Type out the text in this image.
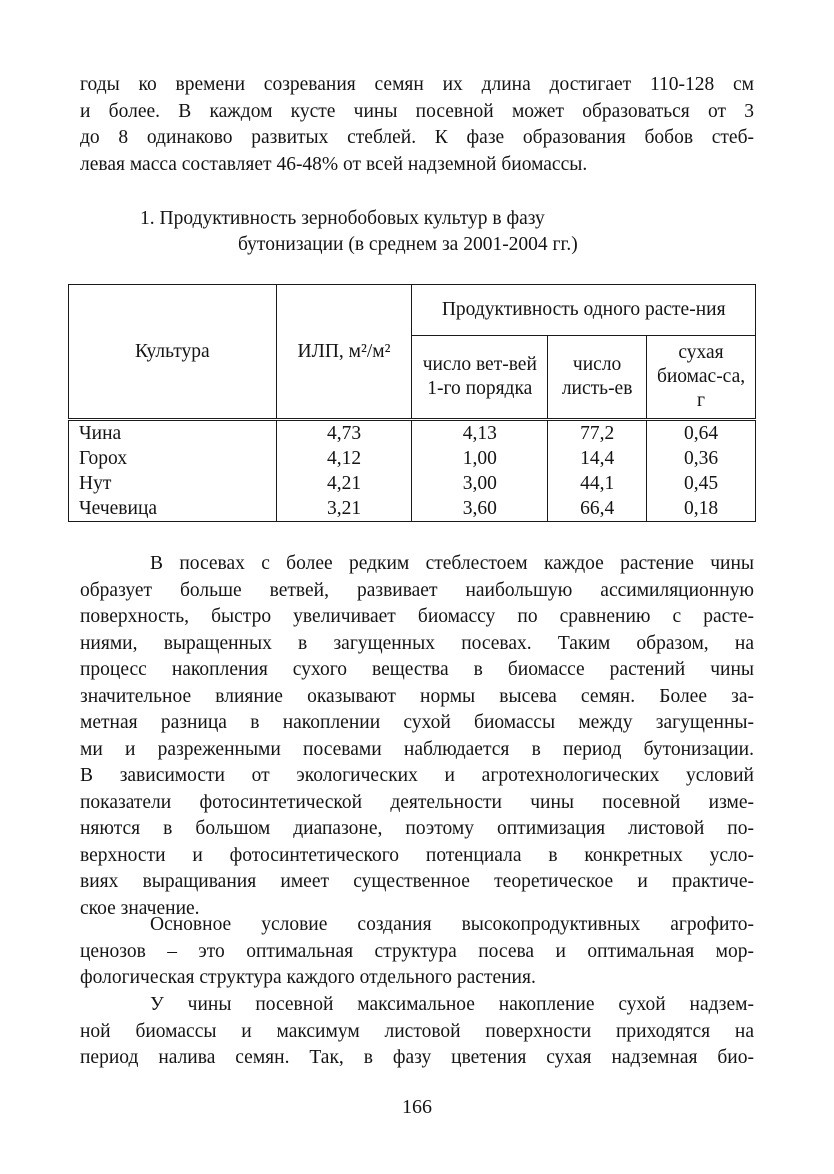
годы ко времени созревания семян их длина достигает 110-128 см
и более. В каждом кусте чины посевной может образоваться от 3
до 8 одинаково развитых стеблей. К фазе образования бобов стеб-
левая масса составляет 46-48% от всей надземной биомассы.
1. Продуктивность зернобобовых культур в фазу
бутонизации (в среднем за 2001-2004 гг.)
Культура	ИЛП, м²/м²	Продуктивность одного расте-ния		
		число вет-вей 1-го порядка	число листь-ев	сухая биомас-са, г
Чина	4,73	4,13	77,2	0,64
Горох	4,12	1,00	14,4	0,36
Нут	4,21	3,00	44,1	0,45
Чечевица	3,21	3,60	66,4	0,18
В посевах с более редким стеблестоем каждое растение чины
образует больше ветвей, развивает наибольшую ассимиляционную
поверхность, быстро увеличивает биомассу по сравнению с расте-
ниями, выращенных в загущенных посевах. Таким образом, на
процесс накопления сухого вещества в биомассе растений чины
значительное влияние оказывают нормы высева семян. Более за-
метная разница в накоплении сухой биомассы между загущенны-
ми и разреженными посевами наблюдается в период бутонизации.
В зависимости от экологических и агротехнологических условий
показатели фотосинтетической деятельности чины посевной изме-
няются в большом диапазоне, поэтому оптимизация листовой по-
верхности и фотосинтетического потенциала в конкретных усло-
виях выращивания имеет существенное теоретическое и практиче-
ское значение.
Основное условие создания высокопродуктивных агрофито-
ценозов – это оптимальная структура посева и оптимальная мор-
фологическая структура каждого отдельного растения.
У чины посевной максимальное накопление сухой надзем-
ной биомассы и максимум листовой поверхности приходятся на
период налива семян. Так, в фазу цветения сухая надземная био-
166
